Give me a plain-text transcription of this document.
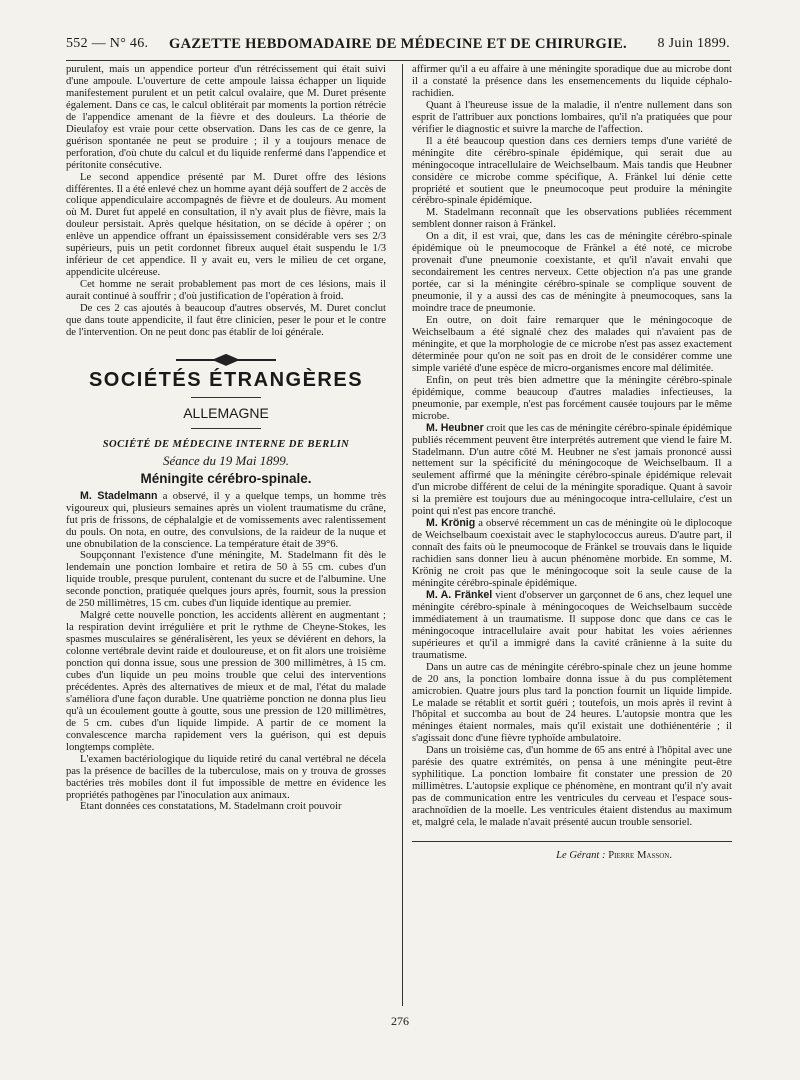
552 — N° 46.	GAZETTE HEBDOMADAIRE DE MÉDECINE ET DE CHIRURGIE.	8 Juin 1899.

purulent, mais un appendice porteur d'un rétrécissement qui était suivi d'une ampoule. L'ouverture de cette ampoule laissa échapper un liquide manifestement purulent et un petit calcul ovalaire, que M. Duret présente également. Dans ce cas, le calcul oblitérait par moments la portion rétrécie de l'appendice amenant de la fièvre et des douleurs. La théorie de Dieulafoy est vraie pour cette observation. Dans les cas de ce genre, la guérison spontanée ne peut se produire ; il y a toujours menace de perforation, d'où chute du calcul et du liquide renfermé dans l'appendice et péritonite consécutive.

Le second appendice présenté par M. Duret offre des lésions différentes. Il a été enlevé chez un homme ayant déjà souffert de 2 accès de colique appendiculaire accompagnés de fièvre et de douleurs. Au moment où M. Duret fut appelé en consultation, il n'y avait plus de fièvre, mais la douleur persistait. Après quelque hésitation, on se décide à opérer ; on enlève un appendice offrant un épaississement considérable vers ses 2/3 supérieurs, puis un petit cordonnet fibreux auquel était suspendu le 1/3 inférieur de cet appendice. Il y avait eu, vers le milieu de cet organe, appendicite ulcéreuse.

Cet homme ne serait probablement pas mort de ces lésions, mais il aurait continué à souffrir ; d'où justification de l'opération à froid.

De ces 2 cas ajoutés à beaucoup d'autres observés, M. Duret conclut que dans toute appendicite, il faut être clinicien, peser le pour et le contre de l'intervention. On ne peut donc pas établir de loi générale.

SOCIÉTÉS ÉTRANGÈRES
ALLEMAGNE
SOCIÉTÉ DE MÉDECINE INTERNE DE BERLIN
Séance du 19 Mai 1899.
Méningite cérébro-spinale.

M. Stadelmann a observé, il y a quelque temps, un homme très vigoureux qui, plusieurs semaines après un violent traumatisme du crâne, fut pris de frissons, de céphalalgie et de vomissements avec ralentissement du pouls. On nota, en outre, des convulsions, de la raideur de la nuque et une obnubilation de la conscience. La température était de 39°6.

Soupçonnant l'existence d'une méningite, M. Stadelmann fit dès le lendemain une ponction lombaire et retira de 50 à 55 cm. cubes d'un liquide trouble, presque purulent, contenant du sucre et de l'albumine. Une seconde ponction, pratiquée quelques jours après, fournit, sous la pression de 250 millimètres, 15 cm. cubes d'un liquide identique au premier.

Malgré cette nouvelle ponction, les accidents allèrent en augmentant ; la respiration devint irrégulière et prit le rythme de Cheyne-Stokes, les spasmes musculaires se généralisèrent, les yeux se déviérent en dehors, la colonne vertébrale devint raide et douloureuse, et on fit alors une troisième ponction qui donna issue, sous une pression de 300 millimètres, à 15 cm. cubes d'un liquide un peu moins trouble que celui des interventions précédentes. Après des alternatives de mieux et de mal, l'état du malade s'améliora d'une façon durable. Une quatrième ponction ne donna plus lieu qu'à un écoulement goutte à goutte, sous une pression de 120 millimètres, de 5 cm. cubes d'un liquide limpide. A partir de ce moment la convalescence marcha rapidement vers la guérison, qui est depuis longtemps complète.

L'examen bactériologique du liquide retiré du canal vertébral ne décela pas la présence de bacilles de la tuberculose, mais on y trouva de grosses bactéries très mobiles dont il fut impossible de mettre en évidence les propriétés pathogènes par l'inoculation aux animaux.

Etant données ces constatations, M. Stadelmann croit pouvoir

affirmer qu'il a eu affaire à une méningite sporadique due au microbe dont il a constaté la présence dans les ensemencements du liquide céphalo-rachidien.

Quant à l'heureuse issue de la maladie, il n'entre nullement dans son esprit de l'attribuer aux ponctions lombaires, qu'il n'a pratiquées que pour vérifier le diagnostic et suivre la marche de l'affection.

Il a été beaucoup question dans ces derniers temps d'une variété de méningite dite cérébro-spinale épidémique, qui serait due au méningocoque intracellulaire de Weichselbaum. Mais tandis que Heubner considère ce microbe comme spécifique, A. Fränkel lui dénie cette propriété et soutient que le pneumocoque peut produire la méningite cérébro-spinale épidémique.

M. Stadelmann reconnaît que les observations publiées récemment semblent donner raison à Fränkel.

On a dit, il est vrai, que, dans les cas de méningite cérébro-spinale épidémique où le pneumocoque de Fränkel a été noté, ce microbe provenait d'une pneumonie coexistante, et qu'il n'avait envahi que secondairement les centres nerveux. Cette objection n'a pas une grande portée, car si la méningite cérébro-spinale se complique souvent de pneumonie, il y a aussi des cas de méningite à pneumocoques, sans la moindre trace de pneumonie.

En outre, on doit faire remarquer que le méningocoque de Weichselbaum a été signalé chez des malades qui n'avaient pas de méningite, et que la morphologie de ce microbe n'est pas assez exactement déterminée pour qu'on ne soit pas en droit de le considérer comme une simple variété d'une espèce de micro-organismes encore mal délimitée.

Enfin, on peut très bien admettre que la méningite cérébro-spinale épidémique, comme beaucoup d'autres maladies infectieuses, la pneumonie, par exemple, n'est pas forcément causée toujours par le même microbe.

M. Heubner croit que les cas de méningite cérébro-spinale épidémique publiés récemment peuvent être interprétés autrement que viend le faire M. Stadelmann. D'un autre côté M. Heubner ne s'est jamais prononcé aussi nettement sur la spécificité du méningocoque de Weichselbaum. Il a seulement affirmé que la méningite cérébro-spinale épidémique relevait d'un microbe différent de celui de la méningite sporadique. Quant à savoir si la première est toujours due au méningocoque intra-cellulaire, c'est un point qui n'est pas encore tranché.

M. Krönig a observé récemment un cas de méningite où le diplocoque de Weichselbaum coexistait avec le staphylococcus aureus. D'autre part, il connaît des faits où le pneumocoque de Fränkel se trouvais dans le liquide rachidien sans donner lieu à aucun phénomène morbide. En somme, M. Krönig ne croit pas que le méningocoque soit la seule cause de la méningite cérébro-spinale épidémique.

M. A. Fränkel vient d'observer un garçonnet de 6 ans, chez lequel une méningite cérébro-spinale à méningocoques de Weichselbaum succède immédiatement à un traumatisme. Il suppose donc que dans ce cas le méningocoque intracellulaire avait pour habitat les voies aériennes supérieures et qu'il a immigré dans la cavité crânienne à la suite du traumatisme.

Dans un autre cas de méningite cérébro-spinale chez un jeune homme de 20 ans, la ponction lombaire donna issue à du pus complètement amicrobien. Quatre jours plus tard la ponction fournit un liquide limpide. Le malade se rétablit et sortit guéri ; toutefois, un mois après il revint à l'hôpital et succomba au bout de 24 heures. L'autopsie montra que les méninges étaient normales, mais qu'il existait une dothiénentérie ; il s'agissait donc d'une fièvre typhoïde ambulatoire.

Dans un troisième cas, d'un homme de 65 ans entré à l'hôpital avec une parésie des quatre extrémités, on pensa à une méningite peut-être syphilitique. La ponction lombaire fit constater une pression de 20 millimètres. L'autopsie explique ce phénomène, en montrant qu'il n'y avait pas de communication entre les ventricules du cerveau et l'espace sous-arachnoïdien de la moelle. Les ventricules étaient distendus au maximum et, malgré cela, le malade n'avait présenté aucun trouble sensoriel.

Le Gérant : Pierre Masson.
276
